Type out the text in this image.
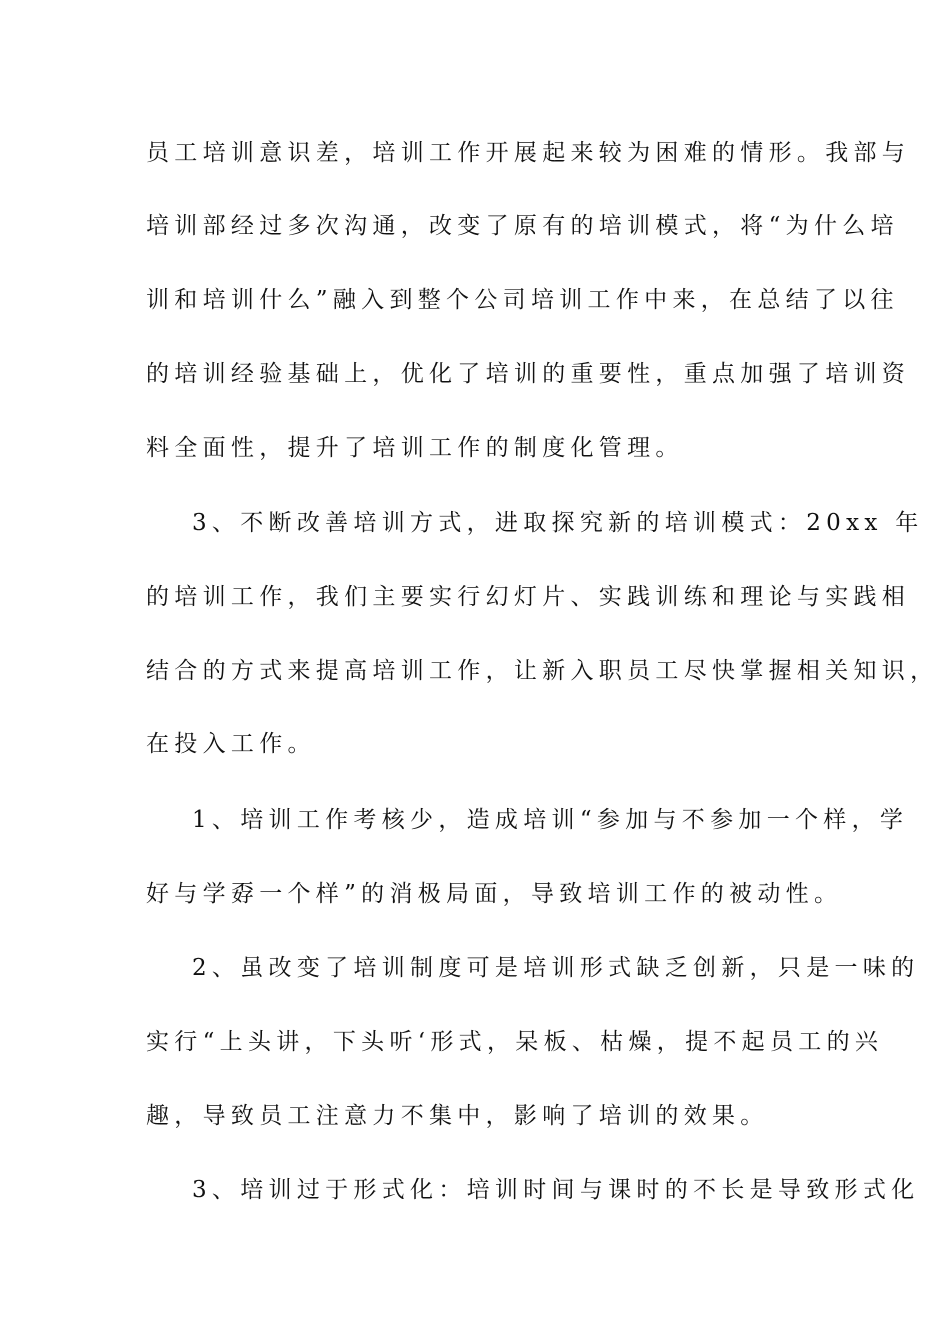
员工培训意识差，培训工作开展起来较为困难的情形。我部与
培训部经过多次沟通，改变了原有的培训模式，将“为什么培
训和培训什么”融入到整个公司培训工作中来，在总结了以往
的培训经验基础上，优化了培训的重要性，重点加强了培训资
料全面性，提升了培训工作的制度化管理。
3、不断改善培训方式，进取探究新的培训模式：20xx 年
的培训工作，我们主要实行幻灯片、实践训练和理论与实践相
结合的方式来提高培训工作，让新入职员工尽快掌握相关知识，
在投入工作。
1、培训工作考核少，造成培训“参加与不参加一个样，学
好与学孬一个样”的消极局面，导致培训工作的被动性。
2、虽改变了培训制度可是培训形式缺乏创新，只是一味的
实行“上头讲，下头听‘形式，呆板、枯燥，提不起员工的兴
趣，导致员工注意力不集中，影响了培训的效果。
3、培训过于形式化：培训时间与课时的不长是导致形式化
